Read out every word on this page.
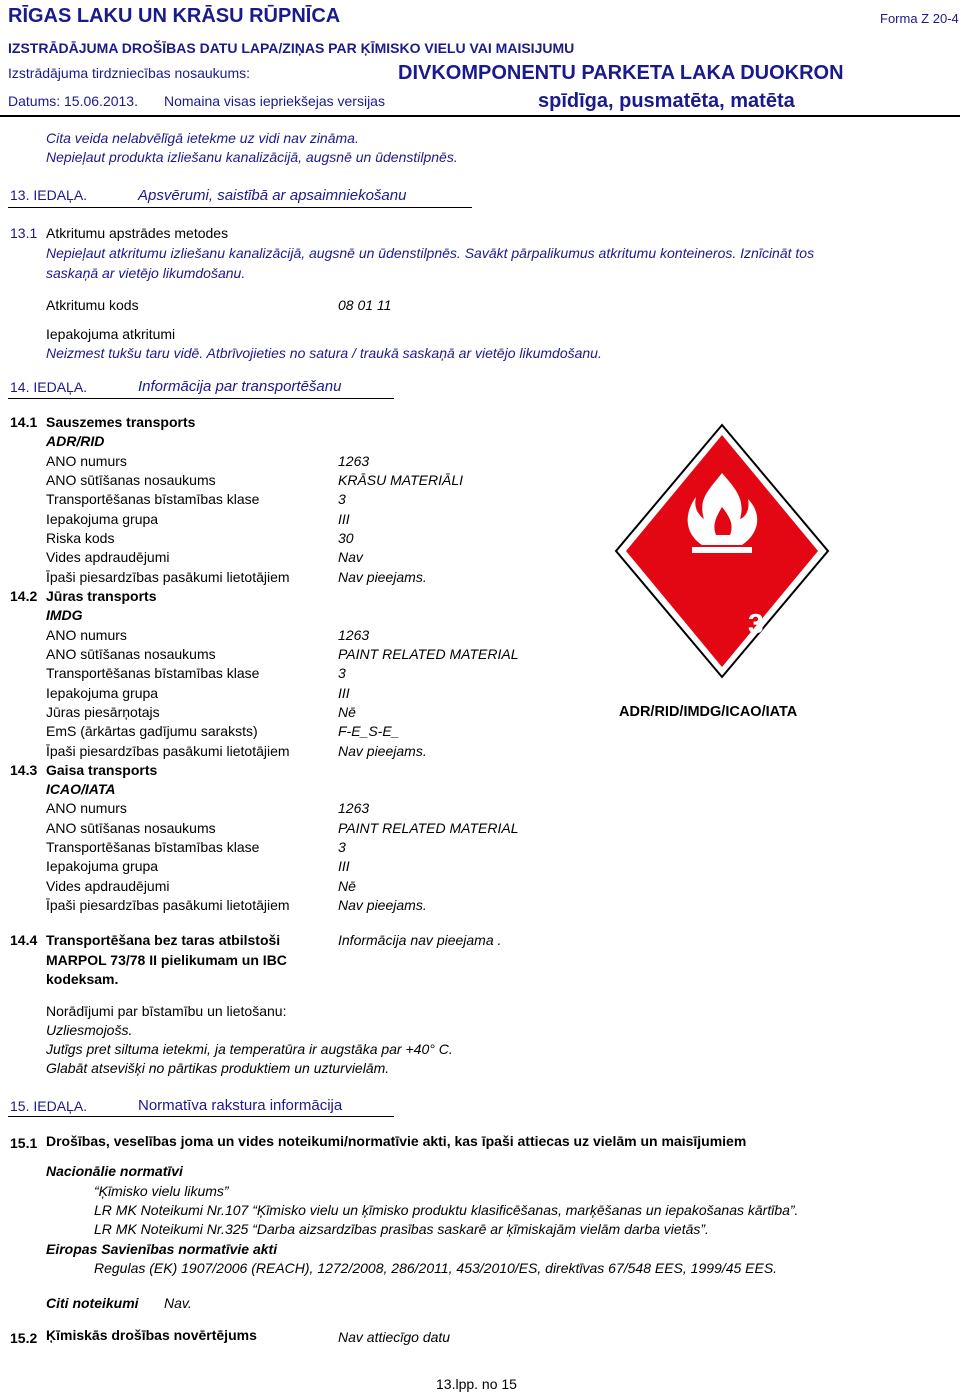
RĪGAS LAKU UN KRĀSU RŪPNĪCA	Forma Z 20-4
IZSTRĀDĀJUMA DROŠĪBAS DATU LAPA/ZIŅAS PAR ĶĪMISKO VIELU VAI MAISIJUMU
Izstrādājuma tirdzniecības nosaukums:	DIVKOMPONENTU PARKETA LAKA DUOKRON
Datums: 15.06.2013. Nomaina visas iepriekšejas versijas	spīdīga, pusmatēta, matēta
Cita veida nelabvēlīgā ietekme uz vidi nav zināma.
Nepieļaut produkta izliešanu kanalizācijā, augsnē un ūdenstilpnēs.
13. IEDAĻA.	Apsvērumi, saistībā ar apsaimniekošanu
13.1 Atkritumu apstrādes metodes
Nepieļaut atkritumu izliešanu kanalizācijā, augsnē un ūdenstilpnēs. Savākt pārpalikumus atkritumu konteineros. Iznīcināt tos
saskaņā ar vietējo likumdošanu.
Atkritumu kods	08 01 11
Iepakojuma atkritumi
Neizmest tukšu taru vidē. Atbrīvojieties no satura / traukā saskaņā ar vietējo likumdošanu.
14. IEDAĻA.	Informācija par transportēšanu
14.1 Sauszemes transports
ADR/RID
ANO numurs	1263
ANO sūtīšanas nosaukums	KRĀSU MATERIĀLI
Transportēšanas bīstamības klase	3
Iepakojuma grupa	III
Riska kods	30
Vides apdraudējumi	Nav
Īpaši piesardzības pasākumi lietotājiem	Nav pieejams.
14.2 Jūras transports
IMDG
ANO numurs	1263
ANO sūtīšanas nosaukums	PAINT RELATED MATERIAL
Transportēšanas bīstamības klase	3
Iepakojuma grupa	III
Jūras piesārņotajs	Nē
EmS (ārkārtas gadījumu saraksts)	F-E_S-E_
Īpaši piesardzības pasākumi lietotājiem	Nav pieejams.
14.3 Gaisa transports
ICAO/IATA
ANO numurs	1263
ANO sūtīšanas nosaukums	PAINT RELATED MATERIAL
Transportēšanas bīstamības klase	3
Iepakojuma grupa	III
Vides apdraudējumi	Nē
Īpaši piesardzības pasākumi lietotājiem	Nav pieejams.
14.4 Transportēšana bez taras atbilstoši
MARPOL 73/78 II pielikumam un IBC
kodeksam.
Informācija nav pieejama .
3
ADR/RID/IMDG/ICAO/IATA
Norādījumi par bīstamību un lietošanu:
Uzliesmojošs.
Jutīgs pret siltuma ietekmi, ja temperatūra ir augstāka par +40° C.
Glabāt atsevišķi no pārtikas produktiem un uzturvielām.
15. IEDAĻA.	Normatīva rakstura informācija
15.1 Drošības, veselības joma un vides noteikumi/normatīvie akti, kas īpaši attiecas uz vielām un maisījumiem
Nacionālie normatīvi
“Ķīmisko vielu likums”
LR MK Noteikumi Nr.107 “Ķīmisko vielu un ķīmisko produktu klasificēšanas, marķēšanas un iepakošanas kārtība”.
LR MK Noteikumi Nr.325 “Darba aizsardzības prasības saskarē ar ķīmiskajām vielām darba vietās”.
Eiropas Savienības normatīvie akti
Regulas (EK) 1907/2006 (REACH), 1272/2008, 286/2011, 453/2010/ES, direktīvas 67/548 EES, 1999/45 EES.
Citi noteikumi Nav.
15.2 Ķīmiskās drošības novērtējums	Nav attiecīgo datu
13.lpp. no 15
